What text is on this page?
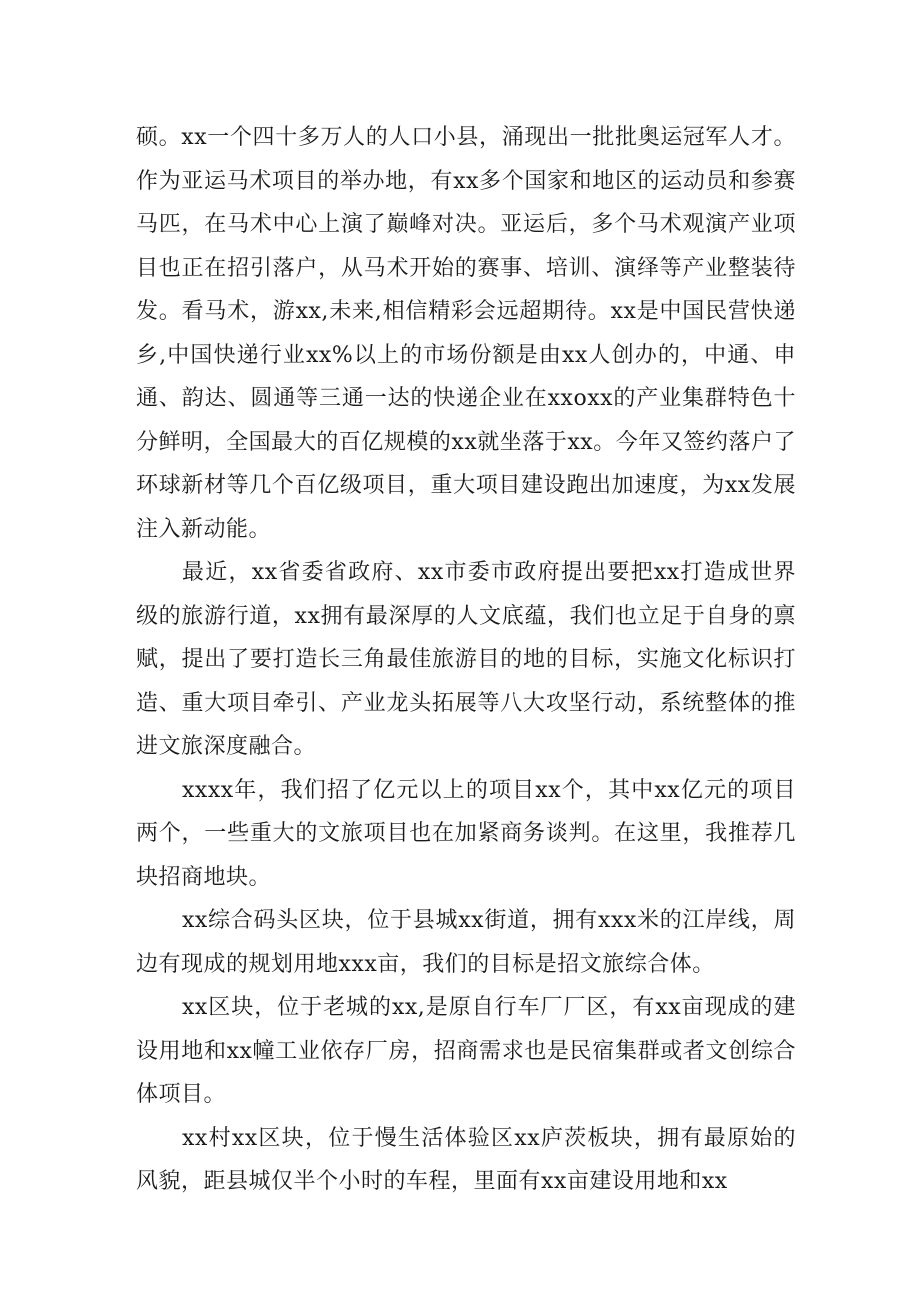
硕。xx一个四十多万人的人口小县，涌现出一批批奥运冠军人才。作为亚运马术项目的举办地，有xx多个国家和地区的运动员和参赛马匹，在马术中心上演了巅峰对决。亚运后，多个马术观演产业项目也正在招引落户，从马术开始的赛事、培训、演绎等产业整装待发。看马术，游xx,未来,相信精彩会远超期待。xx是中国民营快递乡,中国快递行业xx%以上的市场份额是由xx人创办的，中通、申通、韵达、圆通等三通一达的快递企业在xxoxx的产业集群特色十分鲜明，全国最大的百亿规模的xx就坐落于xx。今年又签约落户了环球新材等几个百亿级项目，重大项目建设跑出加速度，为xx发展注入新动能。

最近，xx省委省政府、xx市委市政府提出要把xx打造成世界级的旅游行道，xx拥有最深厚的人文底蕴，我们也立足于自身的禀赋，提出了要打造长三角最佳旅游目的地的目标，实施文化标识打造、重大项目牵引、产业龙头拓展等八大攻坚行动，系统整体的推进文旅深度融合。

xxxx年，我们招了亿元以上的项目xx个，其中xx亿元的项目两个，一些重大的文旅项目也在加紧商务谈判。在这里，我推荐几块招商地块。

xx综合码头区块，位于县城xx街道，拥有xxx米的江岸线，周边有现成的规划用地xxx亩，我们的目标是招文旅综合体。

xx区块，位于老城的xx,是原自行车厂厂区，有xx亩现成的建设用地和xx幢工业依存厂房，招商需求也是民宿集群或者文创综合体项目。

xx村xx区块，位于慢生活体验区xx庐茨板块，拥有最原始的风貌，距县城仅半个小时的车程，里面有xx亩建设用地和xx
